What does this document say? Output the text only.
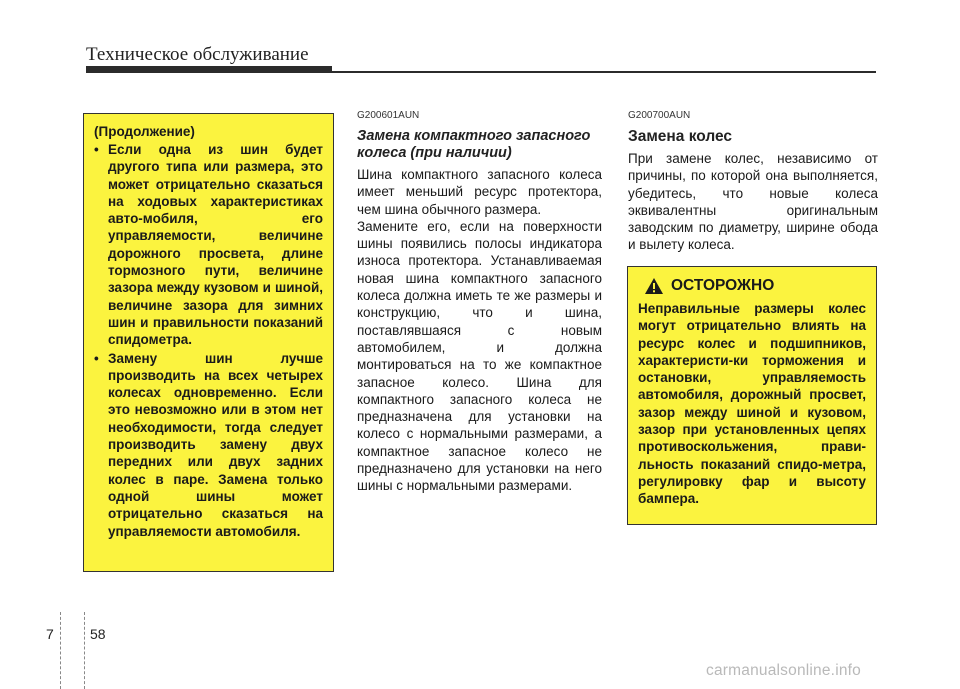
Техническое обслуживание
(Продолжение)
• Если одна из шин будет другого типа или размера, это может отрицательно сказаться на ходовых характеристиках авто-мобиля, его управляемости, величине дорожного просвета, длине тормозного пути, величине зазора между кузовом и шиной, величине зазора для зимних шин и правильности показаний спидометра.
• Замену шин лучше производить на всех четырех колесах одновременно. Если это невозможно или в этом нет необходимости, тогда следует производить замену двух передних или двух задних колес в паре. Замена только одной шины может отрицательно сказаться на управляемости автомобиля.
G200601AUN
Замена компактного запасного колеса (при наличии)

Шина компактного запасного колеса имеет меньший ресурс протектора, чем шина обычного размера.

Замените его, если на поверхности шины появились полосы индикатора износа протектора. Устанавливаемая новая шина компактного запасного колеса должна иметь те же размеры и конструкцию, что и шина, поставлявшаяся с новым автомобилем, и должна монтироваться на то же компактное запасное колесо. Шина для компактного запасного колеса не предназначена для установки на колесо с нормальными размерами, а компактное запасное колесо не предназначено для установки на него шины с нормальными размерами.

G200700AUN
Замена колес

При замене колес, независимо от причины, по которой она выполняется, убедитесь, что новые колеса эквивалентны оригинальным заводским по диаметру, ширине обода и вылету колеса.

ОСТОРОЖНО

Неправильные размеры колес могут отрицательно влиять на ресурс колес и подшипников, характеристи-ки торможения и остановки, управляемость автомобиля, дорожный просвет, зазор между шиной и кузовом, зазор при установленных цепях противоскольжения, прави-льность показаний спидо-метра, регулировку фар и высоту бампера.

7	58
carmanualsonline.info
